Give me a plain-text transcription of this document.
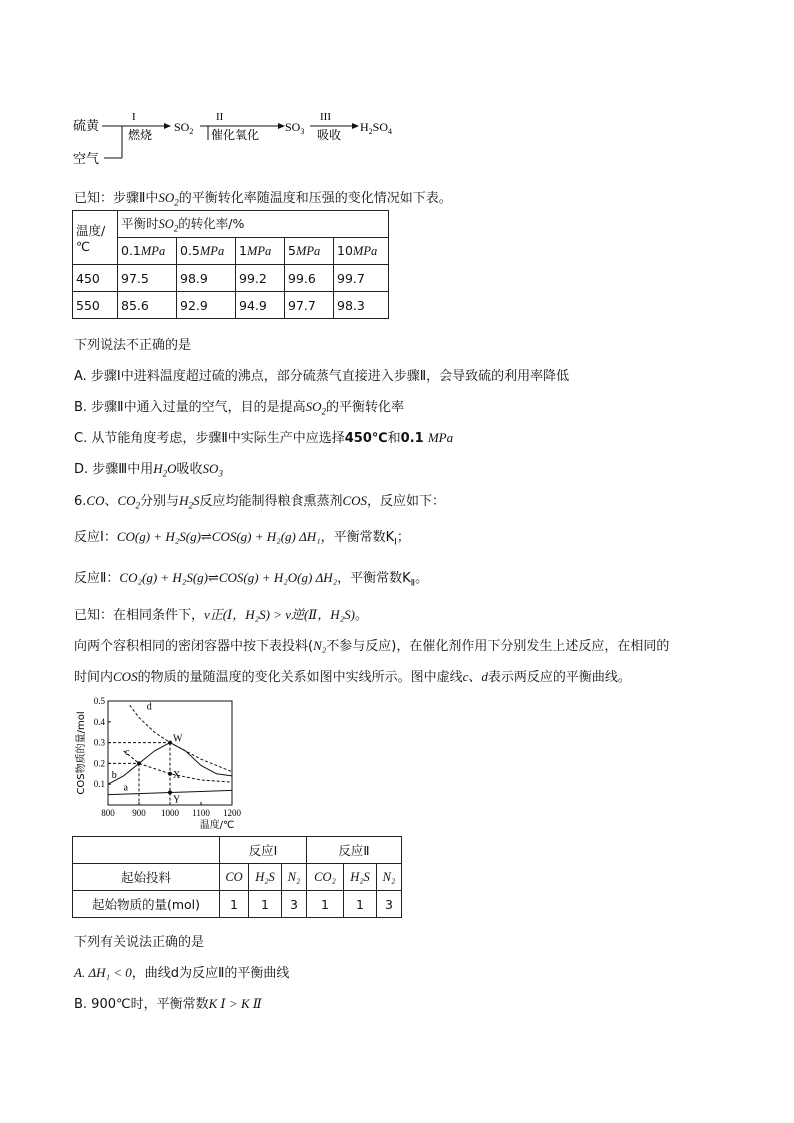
硫黄
空气
I
燃烧
$SO_2$
II
催化氧化
$SO_3$
III
吸收
$H_2SO_4$
已知：步骤Ⅱ中$SO_2$的平衡转化率随温度和压强的变化情况如下表。
温度/℃	平衡时$SO_2$的转化率/%				
	0.1MPa	0.5MPa	1MPa	5MPa	10MPa
450	97.5	98.9	99.2	99.6	99.7
550	85.6	92.9	94.9	97.7	98.3
下列说法不正确的是
A. 步骤Ⅰ中进料温度超过硫的沸点，部分硫蒸气直接进入步骤Ⅱ，会导致硫的利用率降低
B. 步骤Ⅱ中通入过量的空气，目的是提高$SO_2$的平衡转化率
C. 从节能角度考虑，步骤Ⅱ中实际生产中应选择450℃和0.1 MPa
D. 步骤Ⅲ中用$H_2O$吸收$SO_3$
6.CO、$CO_2$分别与$H_2S$反应均能制得粮食熏蒸剂COS，反应如下：
反应Ⅰ：CO(g) + H₂S(g)⇌COS(g) + H₂(g) ΔH₁，平衡常数$K_Ⅰ$；
反应Ⅱ：CO₂(g) + H₂S(g)⇌COS(g) + H₂O(g) ΔH₂，平衡常数$K_Ⅱ$。
已知：在相同条件下，v正(Ⅰ，H₂S) > v逆(Ⅱ，H₂S)。
向两个容积相同的密闭容器中按下表投料(N₂不参与反应)，在催化剂作用下分别发生上述反应，在相同的
时间内COS的物质的量随温度的变化关系如图中实线所示。图中虚线c、d表示两反应的平衡曲线。
COS物质的量/mol
温度/℃
0.5
0.4
0.3
0.2
0.1
800 900 1000 1100 1200
W
X
Y
a
b
c
d
	反应Ⅰ			反应Ⅱ		
起始投料	CO	H₂S	N₂	CO₂	H₂S	N₂
起始物质的量(mol)	1	1	3	1	1	3
下列有关说法正确的是
A. ΔH₁ < 0，曲线d为反应Ⅱ的平衡曲线
B. 900℃时，平衡常数K Ⅰ > K Ⅱ
